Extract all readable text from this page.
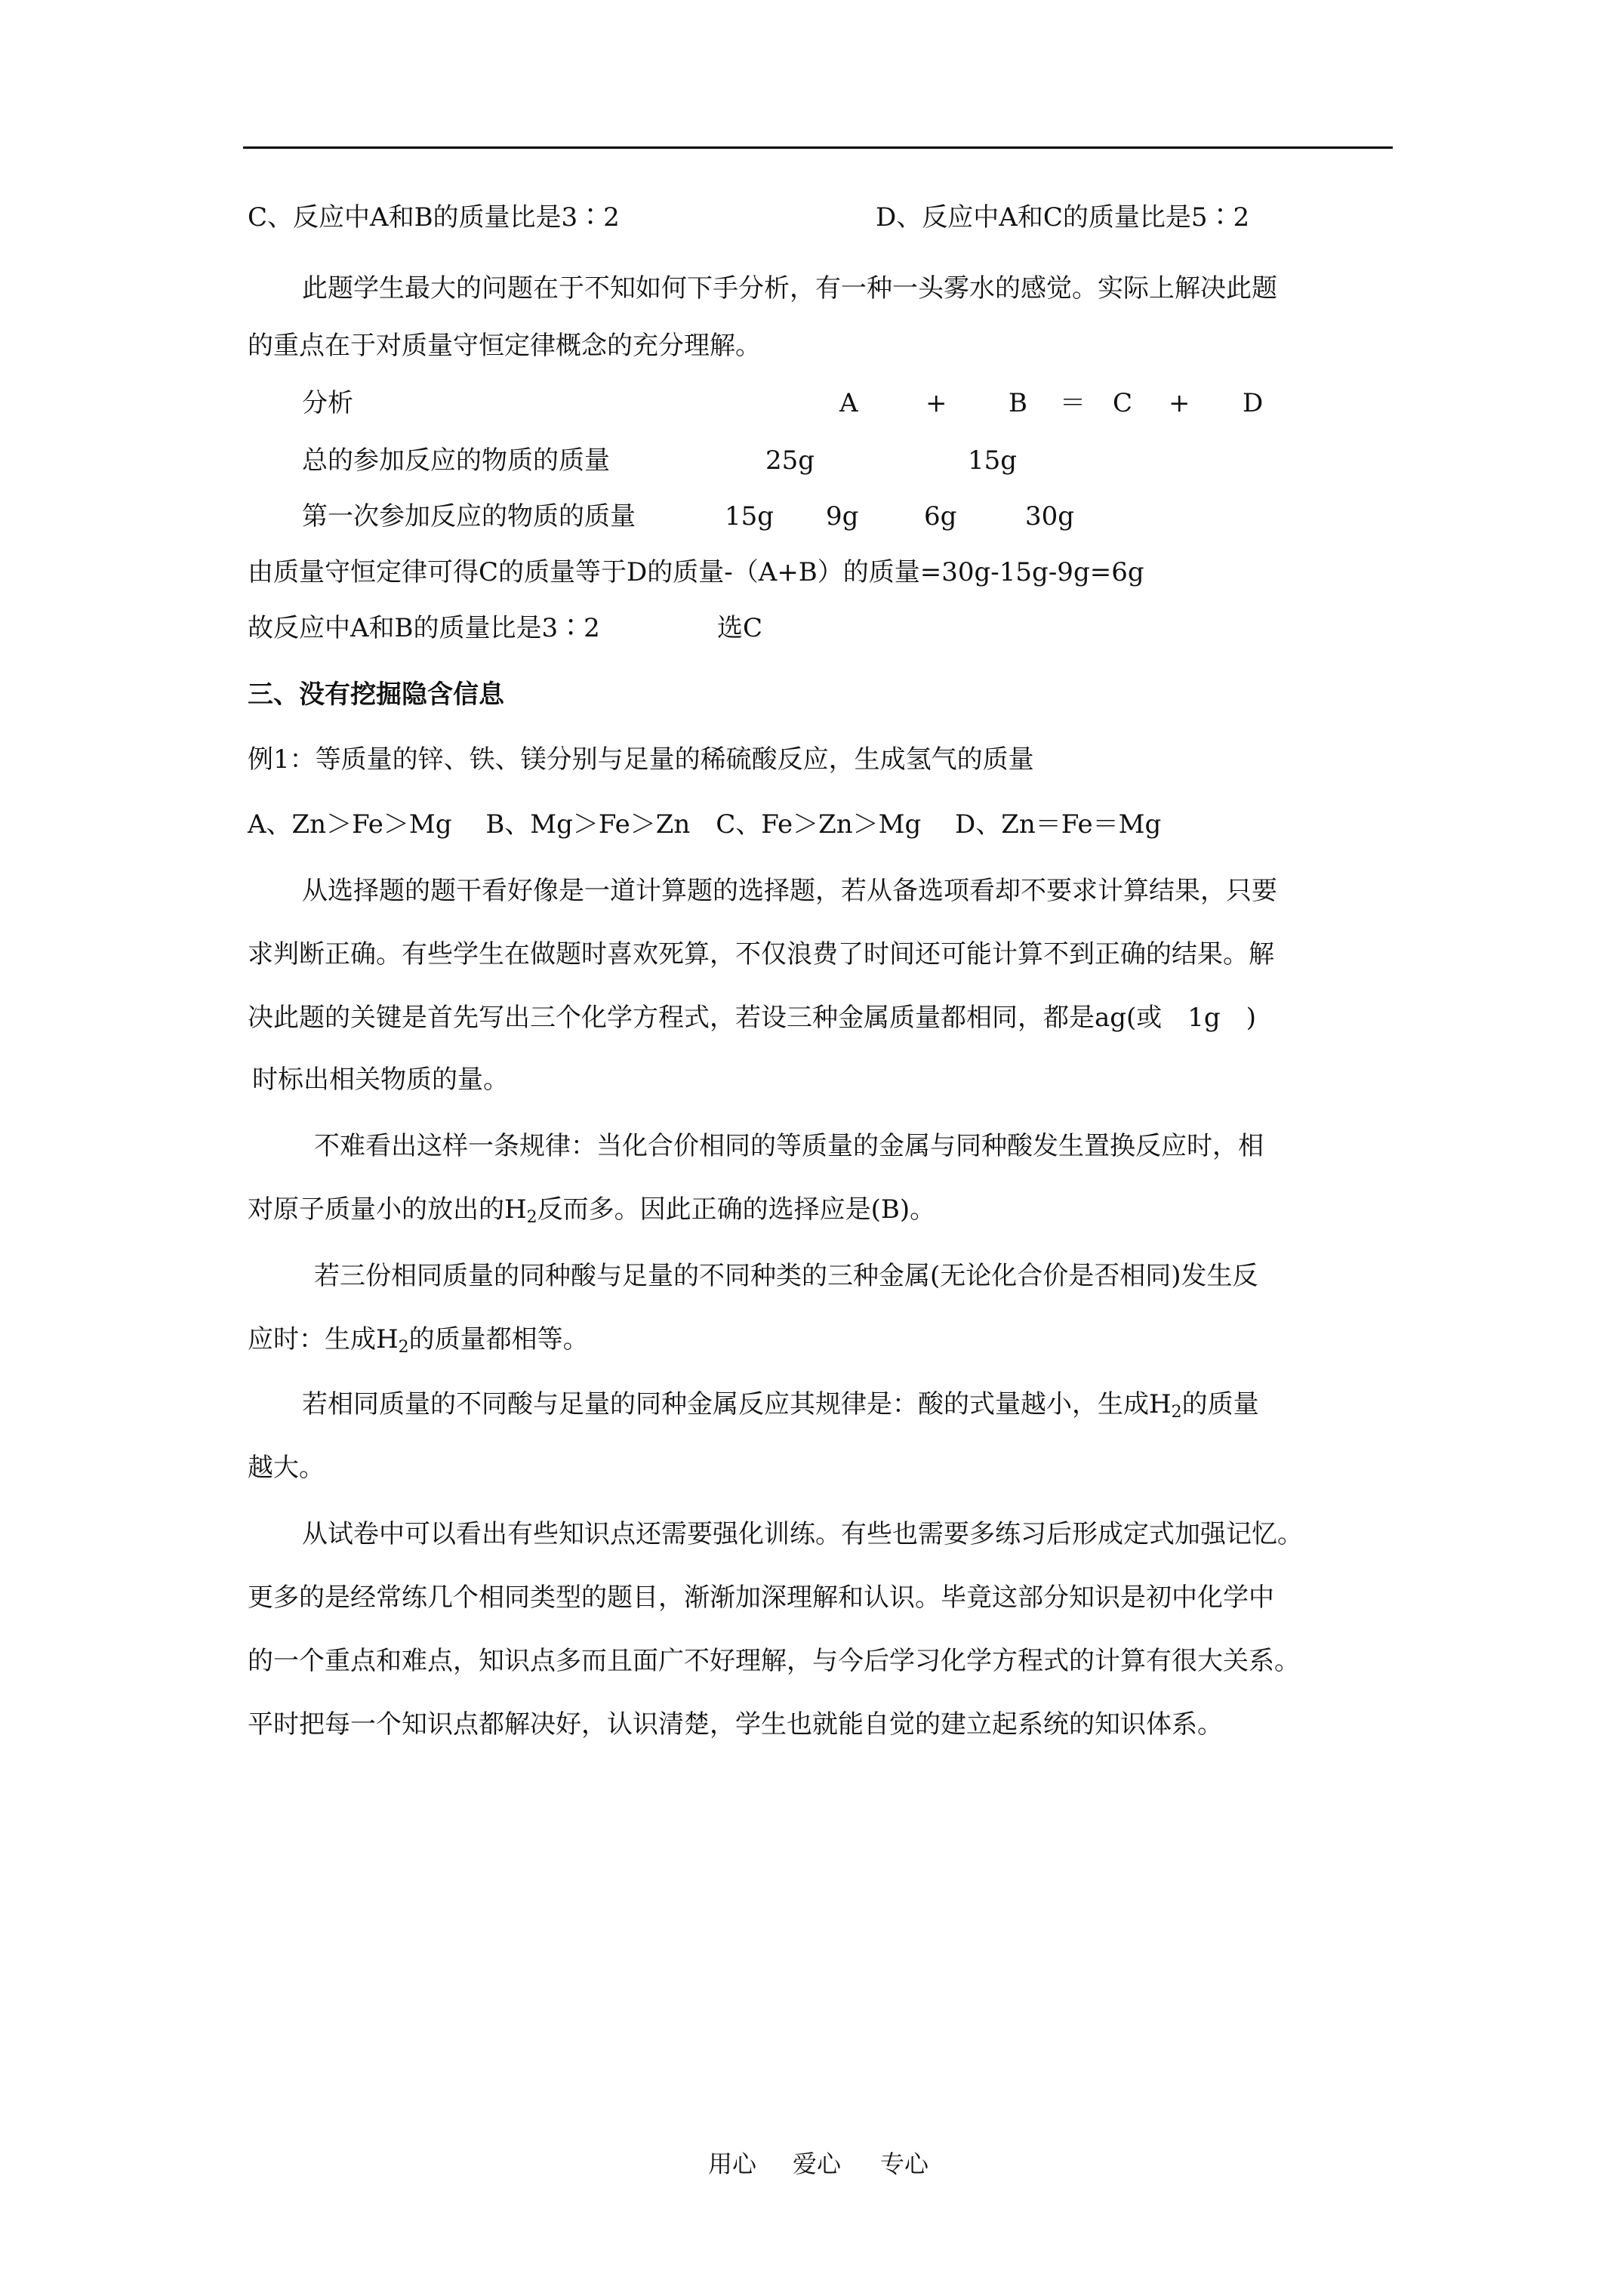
C、反应中A和B的质量比是3∶2	D、反应中A和C的质量比是5∶2
此题学生最大的问题在于不知如何下手分析，有一种一头雾水的感觉。实际上解决此题
的重点在于对质量守恒定律概念的充分理解。
分析	A	+ B ＝ C + D
总的参加反应的物质的质量	25g	15g
第一次参加反应的物质的质量	15g 9g	6g	30g
由质量守恒定律可得C的质量等于D的质量-（A+B）的质量=30g-15g-9g=6g
故反应中A和B的质量比是3∶2	选C
三、没有挖掘隐含信息
例1：等质量的锌、铁、镁分别与足量的稀硫酸反应，生成氢气的质量
A、Zn＞Fe＞Mg　 B、Mg＞Fe＞Zn　C、Fe＞Zn＞Mg　 D、Zn＝Fe＝Mg
从选择题的题干看好像是一道计算题的选择题，若从备选项看却不要求计算结果，只要
求判断正确。有些学生在做题时喜欢死算，不仅浪费了时间还可能计算不到正确的结果。解
决此题的关键是首先写出三个化学方程式，若设三种金属质量都相同，都是ag(或　1g　)
时标出相关物质的量。
不难看出这样一条规律：当化合价相同的等质量的金属与同种酸发生置换反应时，相
对原子质量小的放出的$H_2$反而多。因此正确的选择应是(B)。
若三份相同质量的同种酸与足量的不同种类的三种金属(无论化合价是否相同)发生反
应时：生成$H_2$的质量都相等。
若相同质量的不同酸与足量的同种金属反应其规律是：酸的式量越小，生成$H_2$的质量
越大。
从试卷中可以看出有些知识点还需要强化训练。有些也需要多练习后形成定式加强记忆。
更多的是经常练几个相同类型的题目，渐渐加深理解和认识。毕竟这部分知识是初中化学中
的一个重点和难点，知识点多而且面广不好理解，与今后学习化学方程式的计算有很大关系。
平时把每一个知识点都解决好，认识清楚，学生也就能自觉的建立起系统的知识体系。
用心 爱心 专心
